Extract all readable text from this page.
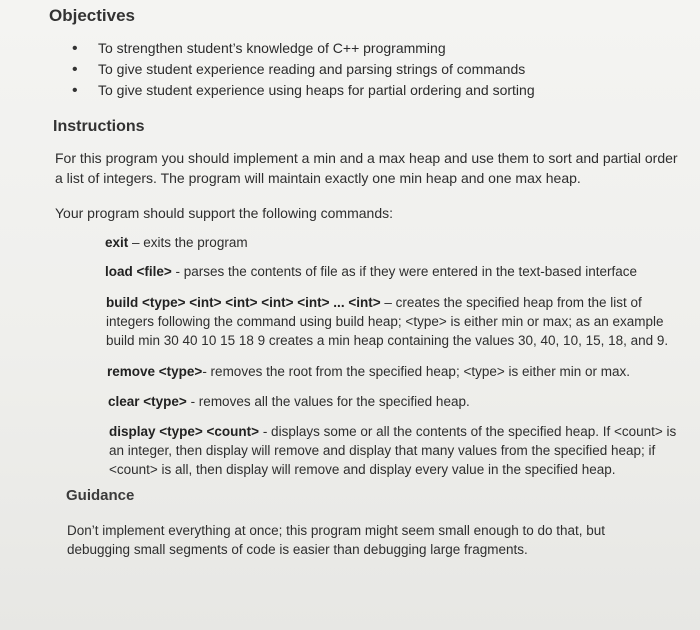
Objectives
• To strengthen student’s knowledge of C++ programming
• To give student experience reading and parsing strings of commands
• To give student experience using heaps for partial ordering and sorting
Instructions
For this program you should implement a min and a max heap and use them to sort and partial order a list of integers. The program will maintain exactly one min heap and one max heap.
Your program should support the following commands:
exit – exits the program
load <file> - parses the contents of file as if they were entered in the text-based interface
build <type> <int> <int> <int> <int> ... <int> – creates the specified heap from the list of integers following the command using build heap; <type> is either min or max; as an example build min 30 40 10 15 18 9 creates a min heap containing the values 30, 40, 10, 15, 18, and 9.
remove <type>- removes the root from the specified heap; <type> is either min or max.
clear <type> - removes all the values for the specified heap.
display <type> <count> - displays some or all the contents of the specified heap. If <count> is an integer, then display will remove and display that many values from the specified heap; if <count> is all, then display will remove and display every value in the specified heap.
Guidance
Don’t implement everything at once; this program might seem small enough to do that, but debugging small segments of code is easier than debugging large fragments.
